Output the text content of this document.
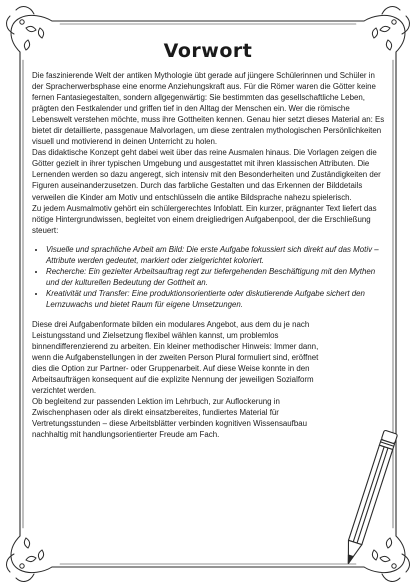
Vorwort

Die faszinierende Welt der antiken Mythologie übt gerade auf jüngere Schülerinnen und Schüler in der Spracherwerbsphase eine enorme Anziehungskraft aus. Für die Römer waren die Götter keine fernen Fantasiegestalten, sondern allgegenwärtig: Sie bestimmten das gesellschaftliche Leben, prägten den Festkalender und griffen tief in den Alltag der Menschen ein. Wer die römische Lebenswelt verstehen möchte, muss ihre Gottheiten kennen. Genau hier setzt dieses Material an: Es bietet dir detaillierte, passgenaue Malvorlagen, um diese zentralen mythologischen Persönlichkeiten visuell und motivierend in deinen Unterricht zu holen.

Das didaktische Konzept geht dabei weit über das reine Ausmalen hinaus. Die Vorlagen zeigen die Götter gezielt in ihrer typischen Umgebung und ausgestattet mit ihren klassischen Attributen. Die Lernenden werden so dazu angeregt, sich intensiv mit den Besonderheiten und Zuständigkeiten der Figuren auseinanderzusetzen. Durch das farbliche Gestalten und das Erkennen der Bilddetails verweilen die Kinder am Motiv und entschlüsseln die antike Bildsprache nahezu spielerisch.

Zu jedem Ausmalmotiv gehört ein schülergerechtes Infoblatt. Ein kurzer, prägnanter Text liefert das nötige Hintergrundwissen, begleitet von einem dreigliedrigen Aufgabenpool, der die Erschließung steuert:

• Visuelle und sprachliche Arbeit am Bild: Die erste Aufgabe fokussiert sich direkt auf das Motiv – Attribute werden gedeutet, markiert oder zielgerichtet koloriert.
• Recherche: Ein gezielter Arbeitsauftrag regt zur tiefergehenden Beschäftigung mit den Mythen und der kulturellen Bedeutung der Gottheit an.
• Kreativität und Transfer: Eine produktionsorientierte oder diskutierende Aufgabe sichert den Lernzuwachs und bietet Raum für eigene Umsetzungen.

Diese drei Aufgabenformate bilden ein modulares Angebot, aus dem du je nach Leistungsstand und Zielsetzung flexibel wählen kannst, um problemlos binnendifferenzierend zu arbeiten. Ein kleiner methodischer Hinweis: Immer dann, wenn die Aufgabenstellungen in der zweiten Person Plural formuliert sind, eröffnet dies die Option zur Partner- oder Gruppenarbeit. Auf diese Weise konnte in den Arbeitsaufträgen konsequent auf die explizite Nennung der jeweiligen Sozialform verzichtet werden.

Ob begleitend zur passenden Lektion im Lehrbuch, zur Auflockerung in Zwischenphasen oder als direkt einsatzbereites, fundiertes Material für Vertretungsstunden – diese Arbeitsblätter verbinden kognitiven Wissensaufbau nachhaltig mit handlungsorientierter Freude am Fach.
